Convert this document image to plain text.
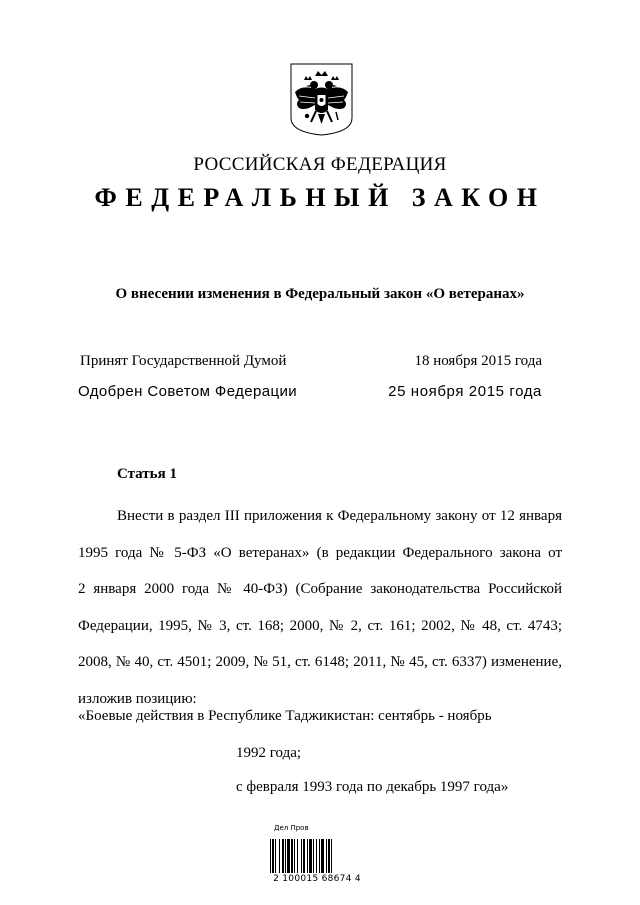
РОССИЙСКАЯ ФЕДЕРАЦИЯ
ФЕДЕРАЛЬНЫЙ ЗАКОН
О внесении изменения в Федеральный закон «О ветеранах»
Принят Государственной Думой	18 ноября 2015 года
Одобрен Советом Федерации	25 ноября 2015 года
Статья 1

Внести в раздел III приложения к Федеральному закону от 12 января

1995 года № 5-ФЗ «О ветеранах» (в редакции Федерального закона от

2 января 2000 года № 40-ФЗ) (Собрание законодательства Российской

Федерации, 1995, № 3, ст. 168; 2000, № 2, ст. 161; 2002, № 48, ст. 4743;

2008, № 40, ст. 4501; 2009, № 51, ст. 6148; 2011, № 45, ст. 6337) изменение,

изложив позицию:

«Боевые действия в Республике Таджикистан: сентябрь - ноябрь
1992 года;
с февраля 1993 года по декабрь 1997 года»
Дел Пров
2 100015 68674 4
